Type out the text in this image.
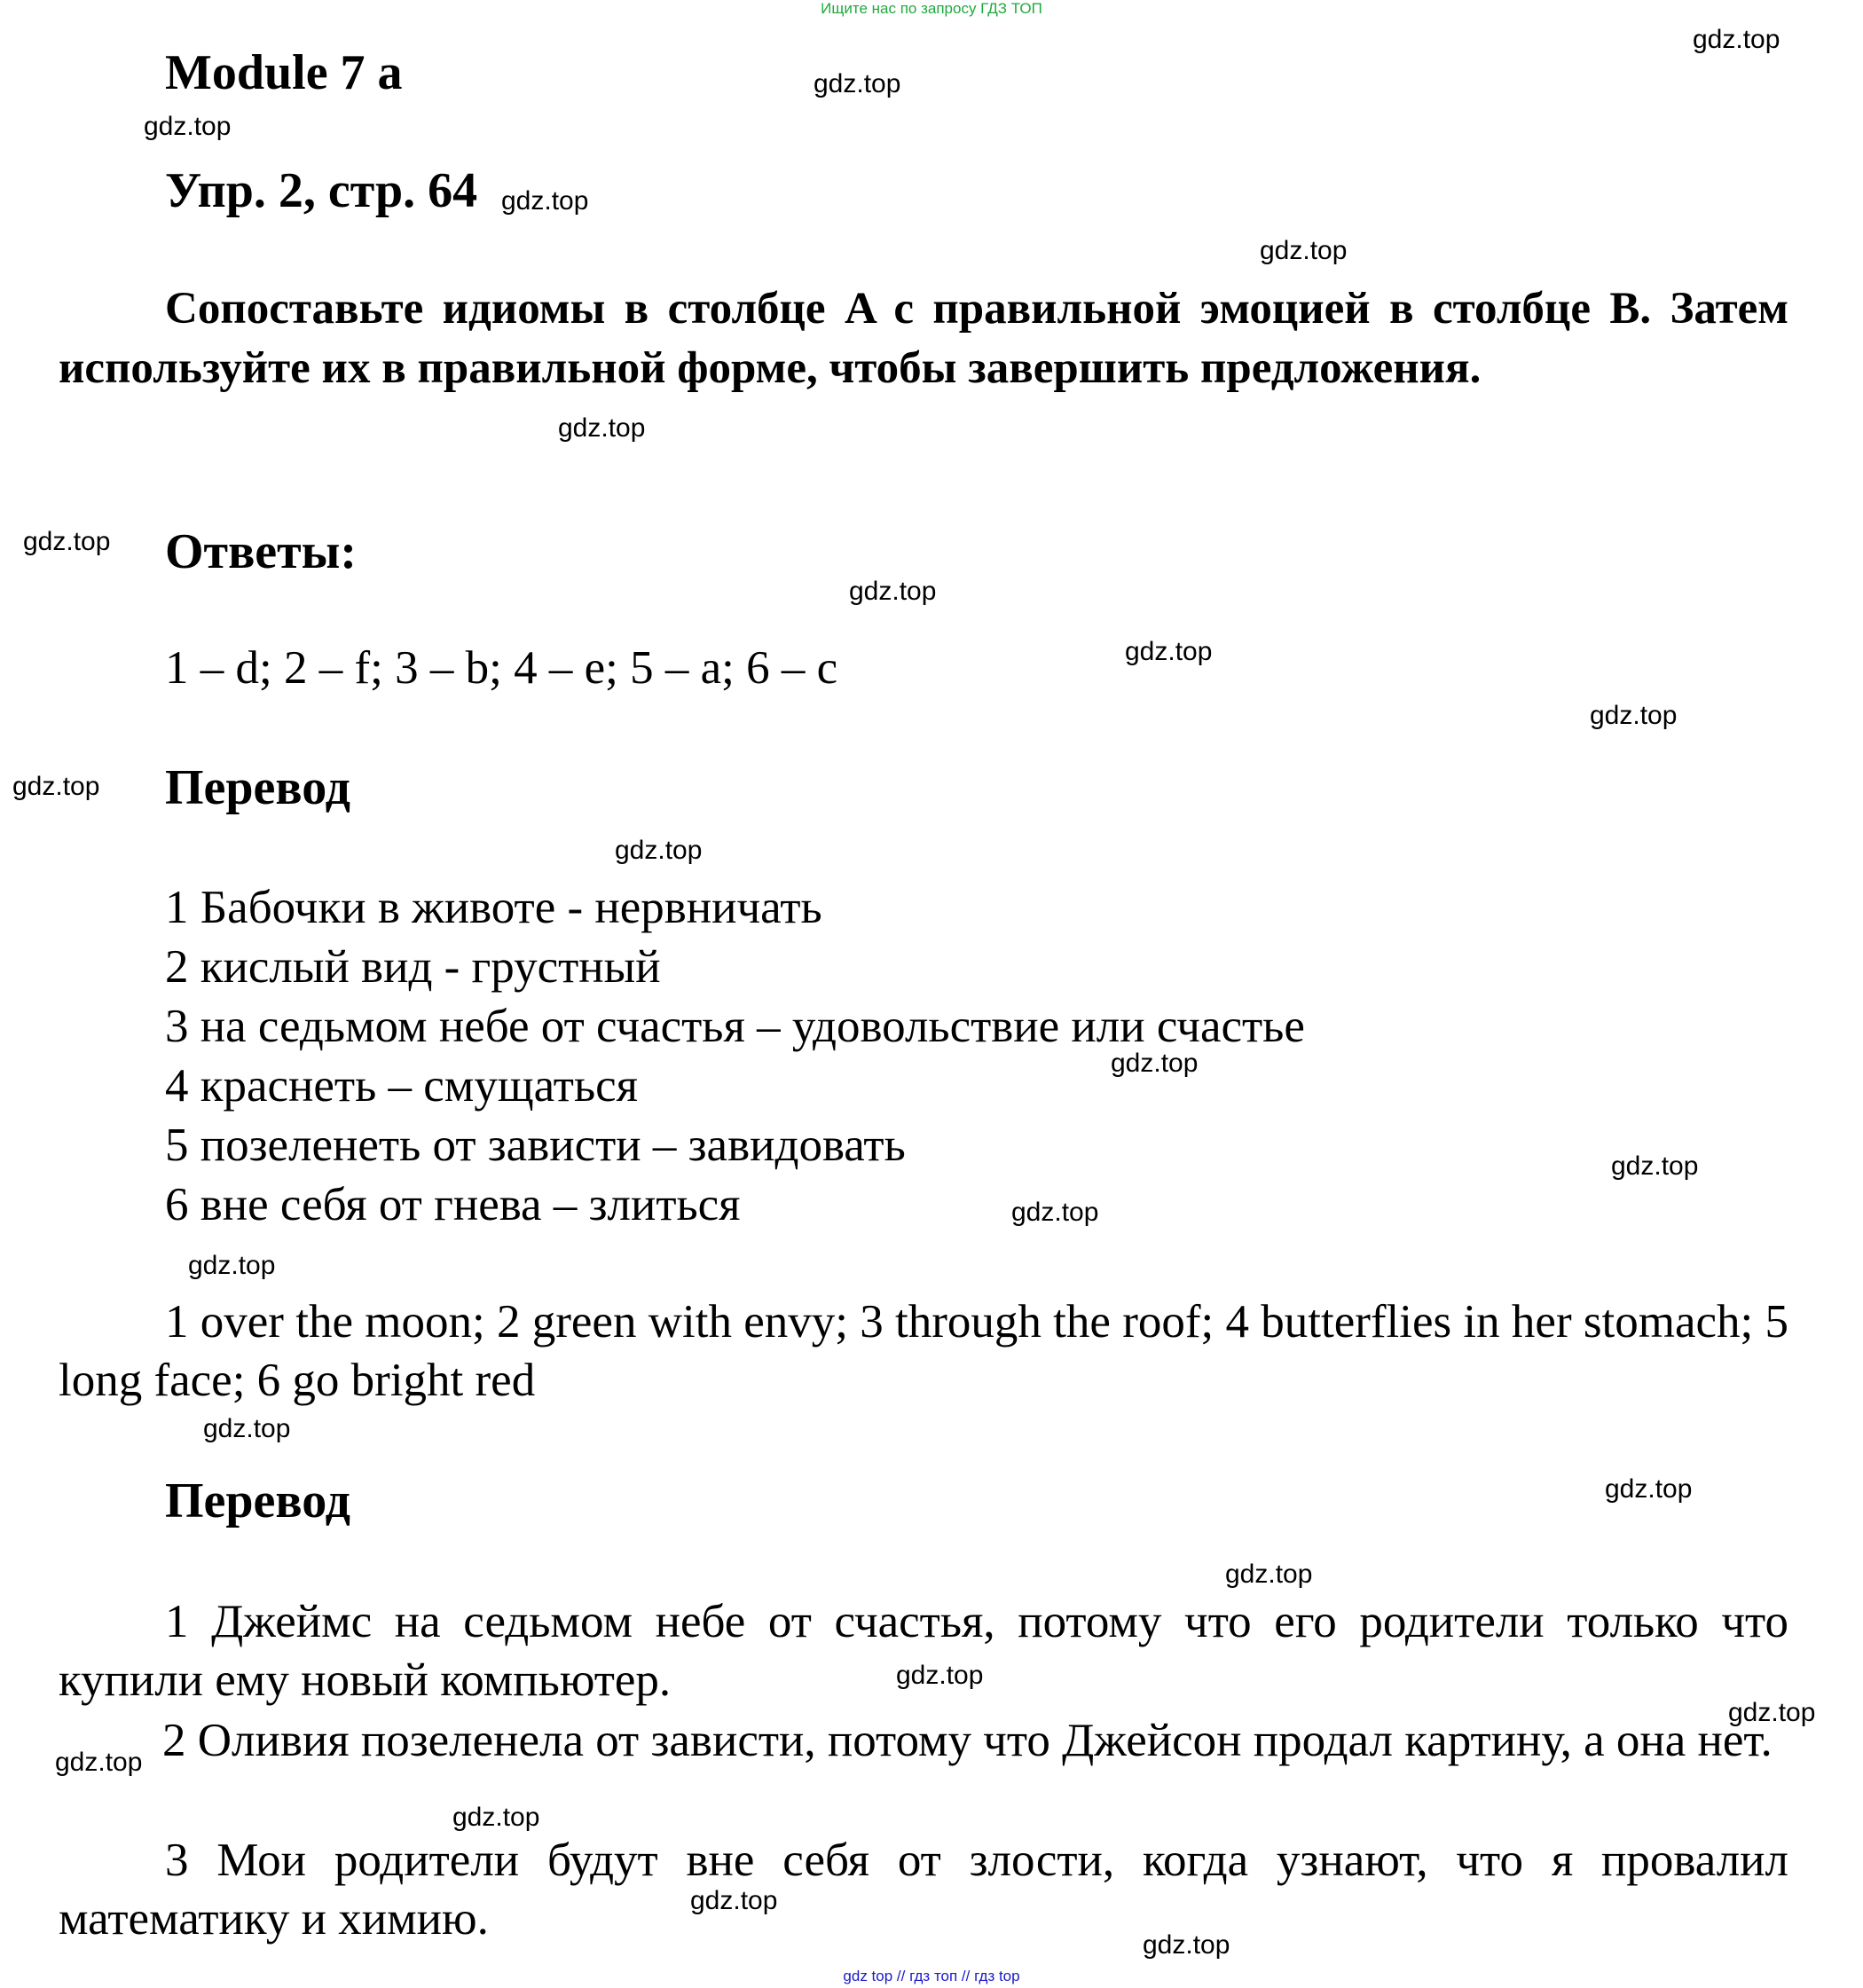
Ищите нас по запросу ГДЗ ТОП
Module 7 a
Упр. 2, стр. 64

Сопоставьте идиомы в столбце A с правильной эмоцией в столбце B. Затем используйте их в правильной форме, чтобы завершить предложения.

Ответы:

1 – d; 2 – f; 3 – b; 4 – e; 5 – a; 6 – c

Перевод

1 Бабочки в животе - нервничать

2 кислый вид - грустный

3 на седьмом небе от счастья – удовольствие или счастье

4 краснеть – смущаться

5 позеленеть от зависти – завидовать

6 вне себя от гнева – злиться

1 over the moon; 2 green with envy; 3 through the roof; 4 butterflies in her stomach; 5 long face; 6 go bright red

Перевод

1 Джеймс на седьмом небе от счастья, потому что его родители только что купили ему новый компьютер.

2 Оливия позеленела от зависти, потому что Джейсон продал картину, а она нет.

3 Мои родители будут вне себя от злости, когда узнают, что я провалил математику и химию.

gdz.top
gdz.top
gdz.top
gdz.top
gdz.top
gdz.top
gdz.top
gdz.top
gdz.top
gdz.top
gdz.top
gdz.top
gdz.top
gdz.top
gdz.top
gdz.top
gdz.top
gdz.top
gdz.top
gdz.top
gdz.top
gdz.top
gdz.top
gdz.top
gdz.top
gdz top // гдз топ // гдз top
